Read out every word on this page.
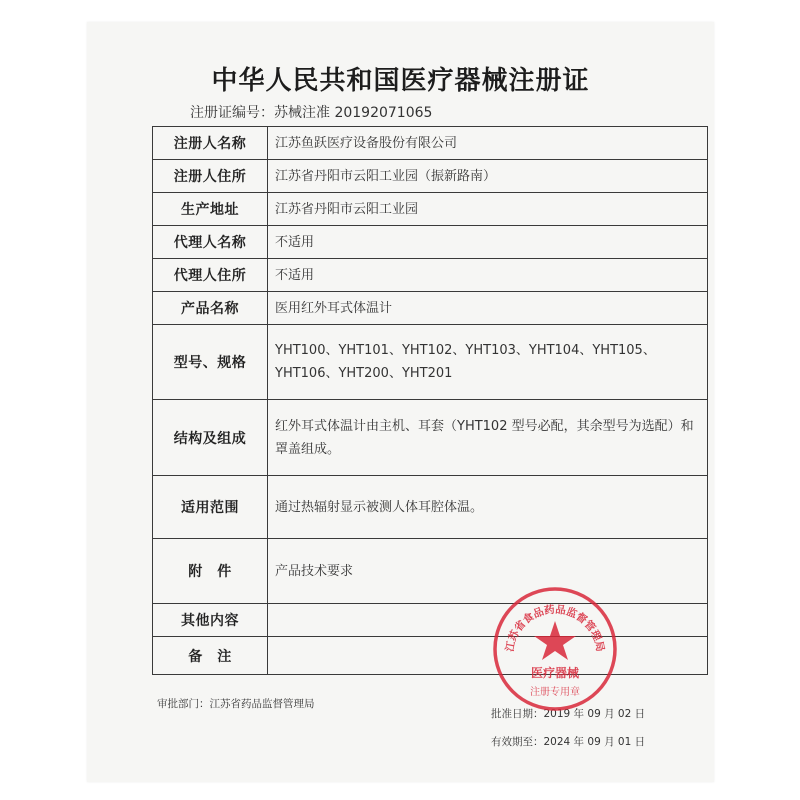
中华人民共和国医疗器械注册证
注册证编号：苏械注准 20192071065
注册人名称	江苏鱼跃医疗设备股份有限公司
注册人住所	江苏省丹阳市云阳工业园（振新路南）
生产地址	江苏省丹阳市云阳工业园
代理人名称	不适用
代理人住所	不适用
产品名称	医用红外耳式体温计
型号、规格	YHT100、YHT101、YHT102、YHT103、YHT104、YHT105、YHT106、YHT200、YHT201
结构及组成	红外耳式体温计由主机、耳套（YHT102 型号必配，其余型号为选配）和罩盖组成。
适用范围	通过热辐射显示被测人体耳腔体温。
附　件	产品技术要求
其他内容	
备　注	
审批部门：江苏省药品监督管理局
批准日期：2019 年 09 月 02 日
有效期至：2024 年 09 月 01 日
江苏省食品药品监督管理局
医疗器械
注册专用章
